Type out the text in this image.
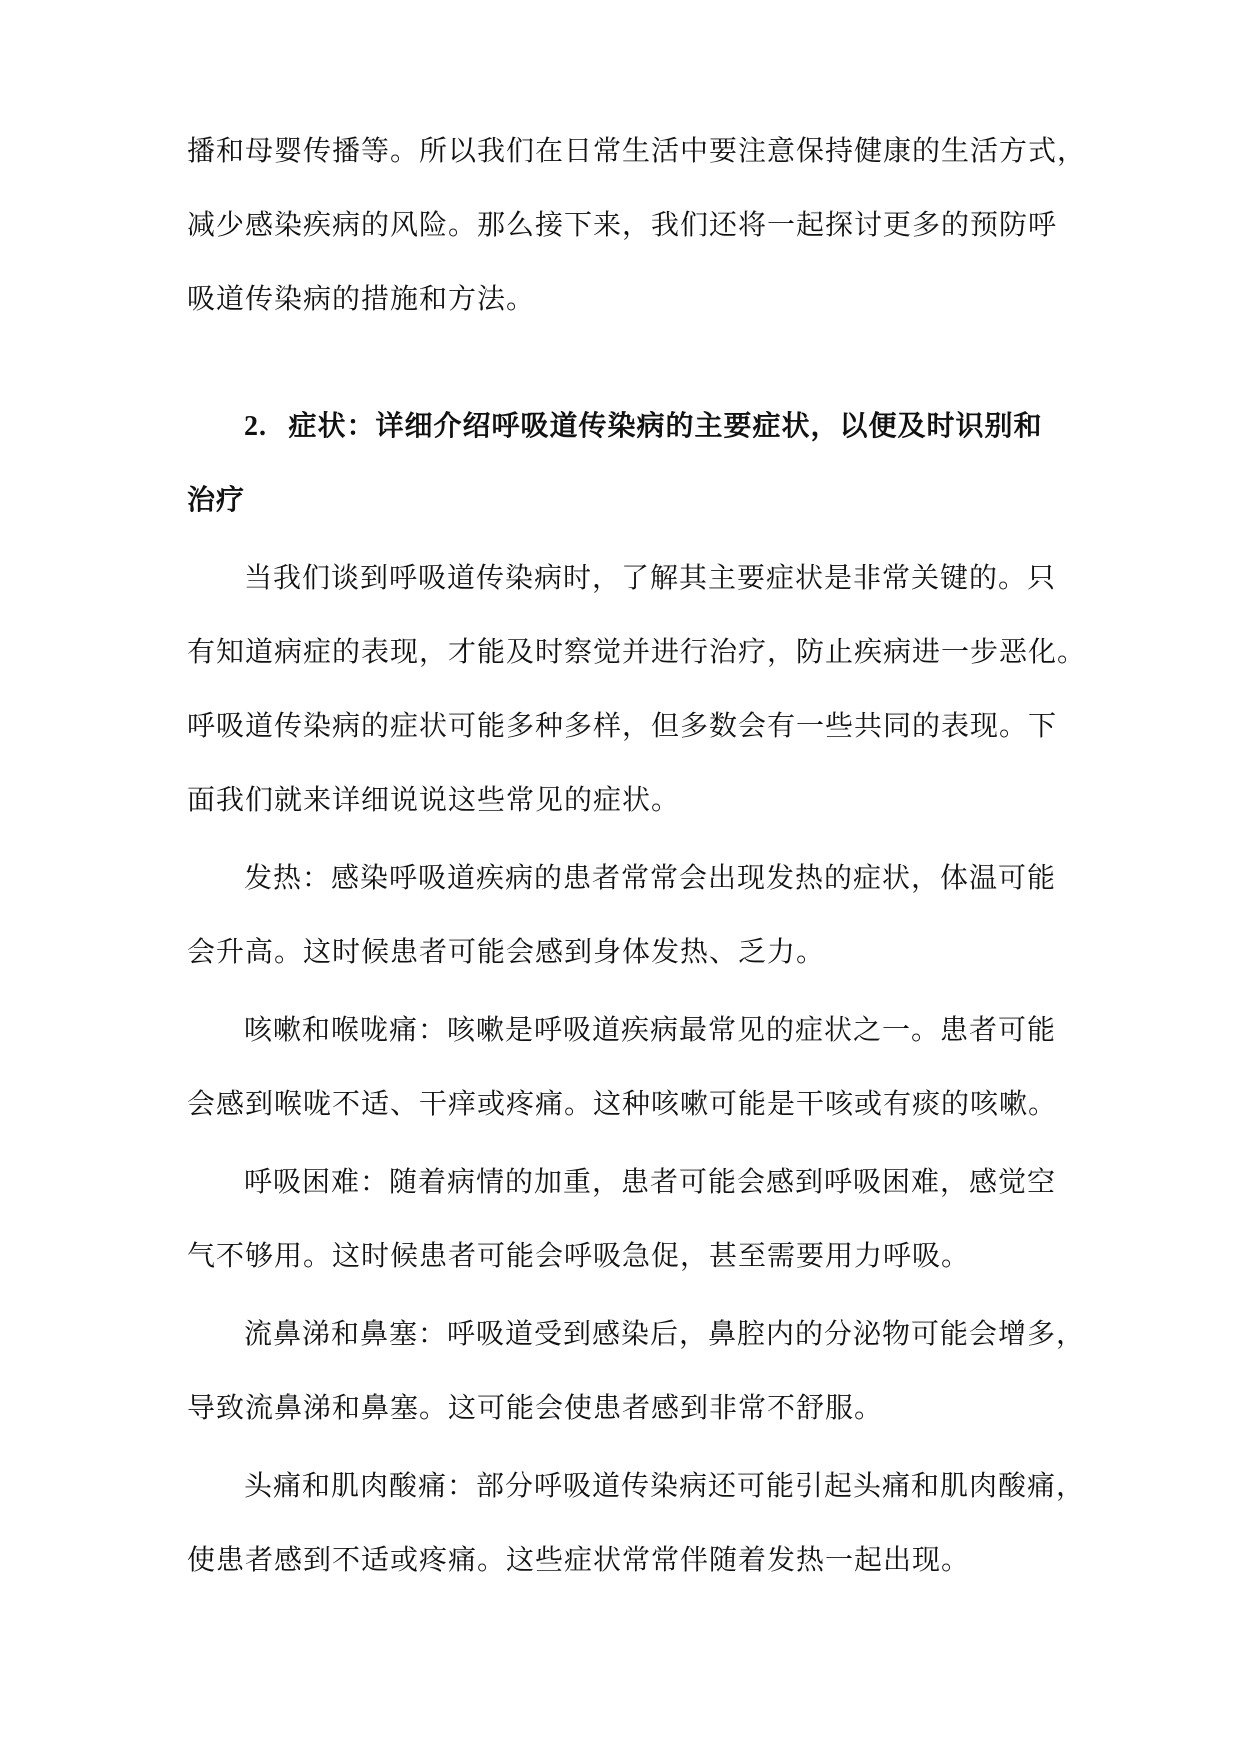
播和母婴传播等。所以我们在日常生活中要注意保持健康的生活方式，

减少感染疾病的风险。那么接下来，我们还将一起探讨更多的预防呼

吸道传染病的措施和方法。

2. 症状：详细介绍呼吸道传染病的主要症状，以便及时识别和

治疗

当我们谈到呼吸道传染病时，了解其主要症状是非常关键的。只

有知道病症的表现，才能及时察觉并进行治疗，防止疾病进一步恶化。

呼吸道传染病的症状可能多种多样，但多数会有一些共同的表现。下

面我们就来详细说说这些常见的症状。

发热：感染呼吸道疾病的患者常常会出现发热的症状，体温可能

会升高。这时候患者可能会感到身体发热、乏力。

咳嗽和喉咙痛：咳嗽是呼吸道疾病最常见的症状之一。患者可能

会感到喉咙不适、干痒或疼痛。这种咳嗽可能是干咳或有痰的咳嗽。

呼吸困难：随着病情的加重，患者可能会感到呼吸困难，感觉空

气不够用。这时候患者可能会呼吸急促，甚至需要用力呼吸。

流鼻涕和鼻塞：呼吸道受到感染后，鼻腔内的分泌物可能会增多，

导致流鼻涕和鼻塞。这可能会使患者感到非常不舒服。

头痛和肌肉酸痛：部分呼吸道传染病还可能引起头痛和肌肉酸痛，

使患者感到不适或疼痛。这些症状常常伴随着发热一起出现。
